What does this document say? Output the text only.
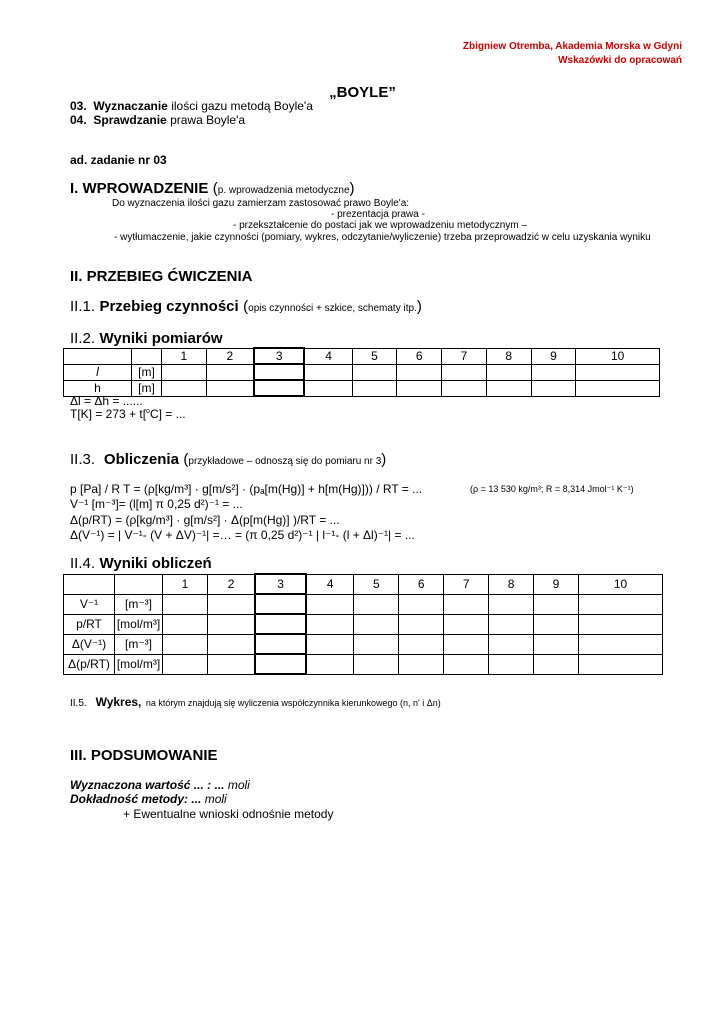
Zbigniew Otremba, Akademia Morska w Gdyni
Wskazówki do opracowań
„BOYLE”
03. Wyznaczanie ilości gazu metodą Boyle'a
04. Sprawdzanie prawa Boyle'a
ad. zadanie nr 03
I. WPROWADZENIE (p. wprowadzenia metodyczne)
Do wyznaczenia ilości gazu zamierzam zastosować prawo Boyle'a:
- prezentacja prawa -
- przekształcenie do postaci jak we wprowadzeniu metodycznym –
- wytłumaczenie, jakie czynności (pomiary, wykres, odczytanie/wyliczenie) trzeba przeprowadzić w celu uzyskania wyniku
II. PRZEBIEG ĆWICZENIA
II.1. Przebieg czynności (opis czynności + szkice, schematy itp.)
II.2. Wyniki pomiarów
		1	2	3	4	5	6	7	8	9	10
l	[m]										
h	[m]										
Δl = Δh = ......
T[K] = 273 + t[$^o$C] = ...
II.3. Obliczenia (przykładowe – odnoszą się do pomiaru nr 3)
(ρ = 13 530 kg/m³; R = 8,314 Jmol⁻¹ K⁻¹)
p [Pa] / R T = (ρ[kg/m³] · g[m/s²] · (pₐ[m(Hg)] + h[m(Hg)])) / RT = ...
V⁻¹ [m⁻³]= (l[m] π 0,25 d²)⁻¹ = ...
Δ(p/RT) = (ρ[kg/m³] · g[m/s²] · Δ(p[m(Hg)] )/RT = ...
Δ(V⁻¹) = | V⁻¹- (V + ΔV)⁻¹| =… = (π 0,25 d²)⁻¹ | l⁻¹- (l + Δl)⁻¹| = ...
II.4. Wyniki obliczeń
		1	2	3	4	5	6	7	8	9	10
V⁻¹	[m⁻³]										
p/RT	[mol/m³]										
Δ(V⁻¹)	[m⁻³]										
Δ(p/RT)	[mol/m³]										
II.5. Wykres, na którym znajdują się wyliczenia współczynnika kierunkowego (n, n' i Δn)
III. PODSUMOWANIE
Wyznaczona wartość ... : ... moli
Dokładność metody: ... moli
+ Ewentualne wnioski odnośnie metody
